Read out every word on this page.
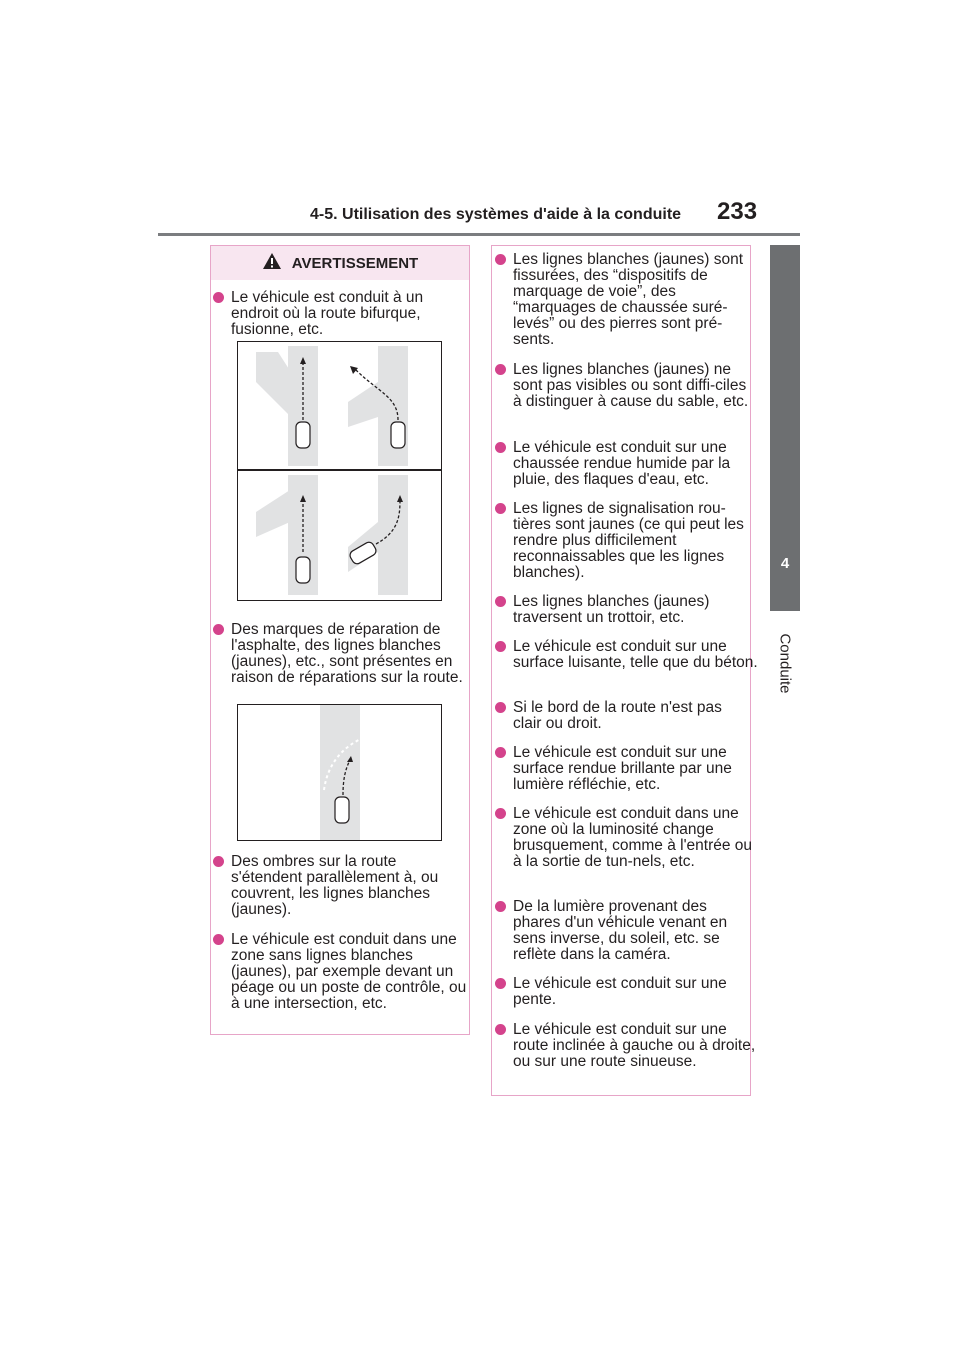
4-5. Utilisation des systèmes d'aide à la conduite	233
4
Conduite
AVERTISSEMENT
Le véhicule est conduit à un endroit où la route bifurque, fusionne, etc.
Des marques de réparation de l'asphalte, des lignes blanches (jaunes), etc., sont présentes en raison de réparations sur la route.
Des ombres sur la route s'étendent parallèlement à, ou couvrent, les lignes blanches (jaunes).
Le véhicule est conduit dans une zone sans lignes blanches (jaunes), par exemple devant un péage ou un poste de contrôle, ou à une intersection, etc.
Les lignes blanches (jaunes) sont fissurées, des “dispositifs de marquage de voie”, des “marquages de chaussée suré-levés” ou des pierres sont pré-sents.
Les lignes blanches (jaunes) ne sont pas visibles ou sont diffi-ciles à distinguer à cause du sable, etc.
Le véhicule est conduit sur une chaussée rendue humide par la pluie, des flaques d'eau, etc.
Les lignes de signalisation rou-tières sont jaunes (ce qui peut les rendre plus difficilement reconnaissables que les lignes blanches).
Les lignes blanches (jaunes) traversent un trottoir, etc.
Le véhicule est conduit sur une surface luisante, telle que du béton.
Si le bord de la route n'est pas clair ou droit.
Le véhicule est conduit sur une surface rendue brillante par une lumière réfléchie, etc.
Le véhicule est conduit dans une zone où la luminosité change brusquement, comme à l'entrée ou à la sortie de tun-nels, etc.
De la lumière provenant des phares d'un véhicule venant en sens inverse, du soleil, etc. se reflète dans la caméra.
Le véhicule est conduit sur une pente.
Le véhicule est conduit sur une route inclinée à gauche ou à droite, ou sur une route sinueuse.
